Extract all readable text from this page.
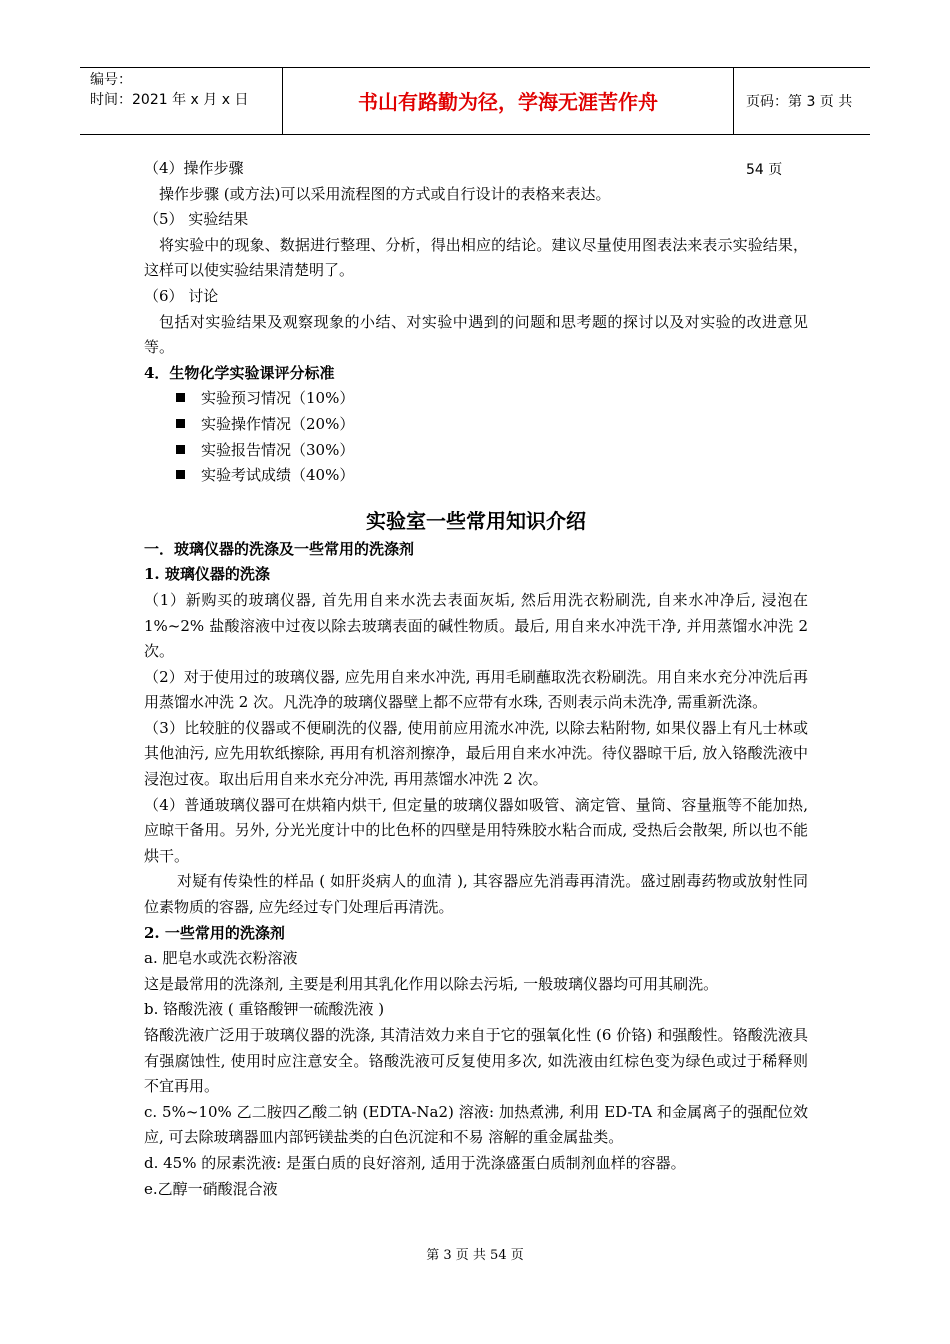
编号：
时间：2021 年 x 月 x 日	书山有路勤为径，学海无涯苦作舟	页码：第 3 页 共 54 页

（4）操作步骤

操作步骤 (或方法)可以采用流程图的方式或自行设计的表格来表达。

（5） 实验结果

将实验中的现象、数据进行整理、分析，得出相应的结论。建议尽量使用图表法来表示实验结果，这样可以使实验结果清楚明了。

（6） 讨论

包括对实验结果及观察现象的小结、对实验中遇到的问题和思考题的探讨以及对实验的改进意见等。

4．生物化学实验课评分标准

实验预习情况（10%）

实验操作情况（20%）

实验报告情况（30%）

实验考试成绩（40%）

实验室一些常用知识介绍

一．玻璃仪器的洗涤及一些常用的洗涤剂

1. 玻璃仪器的洗涤

（1）新购买的玻璃仪器, 首先用自来水洗去表面灰垢, 然后用洗衣粉刷洗, 自来水冲净后, 浸泡在 1%~2% 盐酸溶液中过夜以除去玻璃表面的碱性物质。最后, 用自来水冲洗干净, 并用蒸馏水冲洗 2 次。

（2）对于使用过的玻璃仪器, 应先用自来水冲洗, 再用毛刷蘸取洗衣粉刷洗。用自来水充分冲洗后再用蒸馏水冲洗 2 次。凡洗净的玻璃仪器壁上都不应带有水珠, 否则表示尚未洗净, 需重新洗涤。

（3）比较脏的仪器或不便刷洗的仪器, 使用前应用流水冲洗, 以除去粘附物, 如果仪器上有凡士林或其他油污, 应先用软纸擦除, 再用有机溶剂擦净，最后用自来水冲洗。待仪器晾干后, 放入铬酸洗液中浸泡过夜。取出后用自来水充分冲洗, 再用蒸馏水冲洗 2 次。

（4）普通玻璃仪器可在烘箱内烘干, 但定量的玻璃仪器如吸管、滴定管、量筒、容量瓶等不能加热, 应晾干备用。另外, 分光光度计中的比色杯的四壁是用特殊胶水粘合而成, 受热后会散架, 所以也不能烘干。

对疑有传染性的样品 ( 如肝炎病人的血清 ), 其容器应先消毒再清洗。盛过剧毒药物或放射性同位素物质的容器, 应先经过专门处理后再清洗。

2. 一些常用的洗涤剂

a. 肥皂水或洗衣粉溶液

这是最常用的洗涤剂, 主要是利用其乳化作用以除去污垢, 一般玻璃仪器均可用其刷洗。

b. 铬酸洗液 ( 重铬酸钾一硫酸洗液 )

铬酸洗液广泛用于玻璃仪器的洗涤, 其清洁效力来自于它的强氧化性 (6 价铬) 和强酸性。铬酸洗液具有强腐蚀性, 使用时应注意安全。铬酸洗液可反复使用多次, 如洗液由红棕色变为绿色或过于稀释则不宜再用。

c. 5%~10% 乙二胺四乙酸二钠 (EDTA-Na2) 溶液: 加热煮沸, 利用 ED-TA 和金属离子的强配位效应, 可去除玻璃器皿内部钙镁盐类的白色沉淀和不易 溶解的重金属盐类。

d. 45% 的尿素洗液: 是蛋白质的良好溶剂, 适用于洗涤盛蛋白质制剂血样的容器。

e.乙醇一硝酸混合液

第 3 页 共 54 页
